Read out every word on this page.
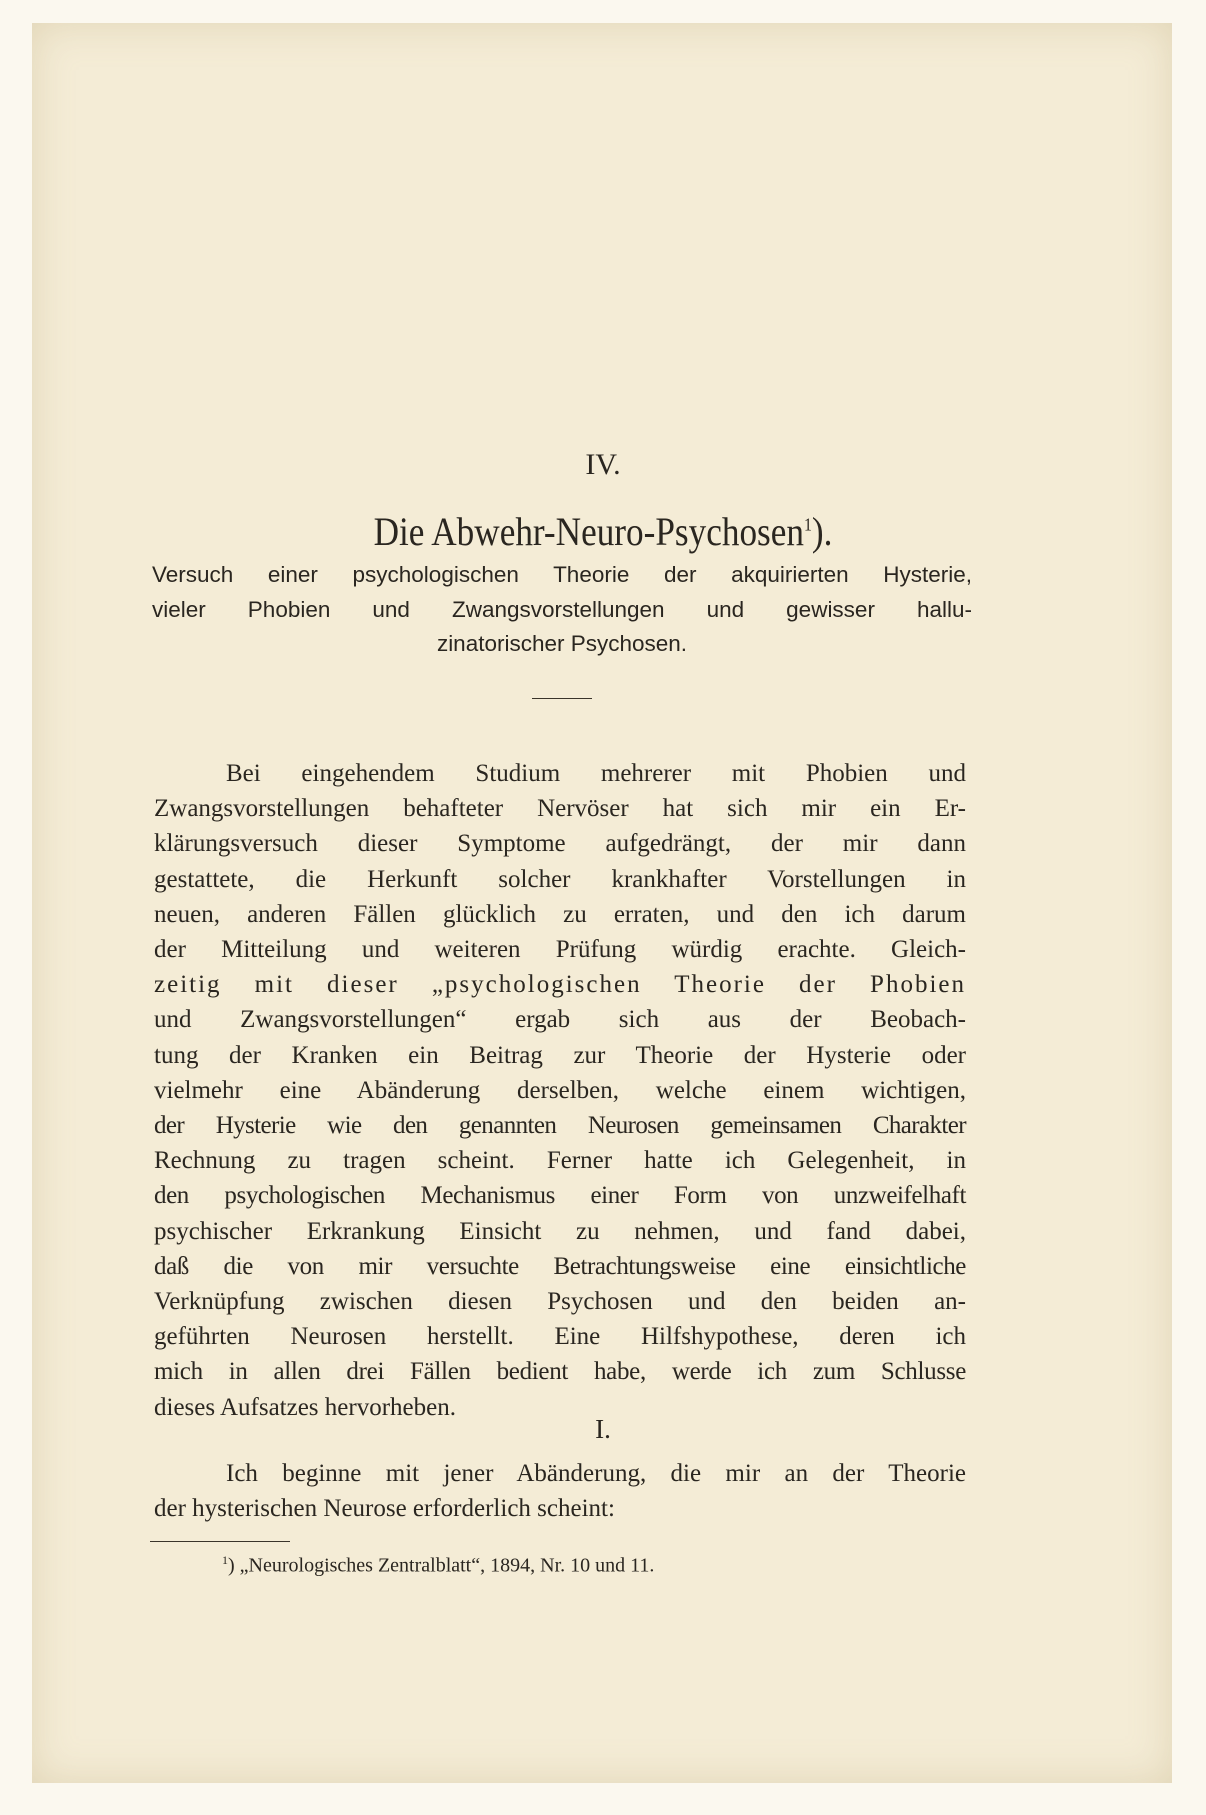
IV.
Die Abwehr-Neuro-Psychosen$^1$).
Versuch einer psychologischen Theorie der akquirierten Hysterie,
vieler Phobien und Zwangsvorstellungen und gewisser hallu-
zinatorischer Psychosen.
Bei eingehendem Studium mehrerer mit Phobien und
Zwangsvorstellungen behafteter Nervöser hat sich mir ein Er-
klärungsversuch dieser Symptome aufgedrängt, der mir dann
gestattete, die Herkunft solcher krankhafter Vorstellungen in
neuen, anderen Fällen glücklich zu erraten, und den ich darum
der Mitteilung und weiteren Prüfung würdig erachte. Gleich-
zeitig mit dieser „psychologischen Theorie der Phobien
und Zwangsvorstellungen“ ergab sich aus der Beobach-
tung der Kranken ein Beitrag zur Theorie der Hysterie oder
vielmehr eine Abänderung derselben, welche einem wichtigen,
der Hysterie wie den genannten Neurosen gemeinsamen Charakter
Rechnung zu tragen scheint. Ferner hatte ich Gelegenheit, in
den psychologischen Mechanismus einer Form von unzweifelhaft
psychischer Erkrankung Einsicht zu nehmen, und fand dabei,
daß die von mir versuchte Betrachtungsweise eine einsichtliche
Verknüpfung zwischen diesen Psychosen und den beiden an-
geführten Neurosen herstellt. Eine Hilfshypothese, deren ich
mich in allen drei Fällen bedient habe, werde ich zum Schlusse
dieses Aufsatzes hervorheben.
I.
Ich beginne mit jener Abänderung, die mir an der Theorie
der hysterischen Neurose erforderlich scheint:
$^1$) „Neurologisches Zentralblatt“, 1894, Nr. 10 und 11.
